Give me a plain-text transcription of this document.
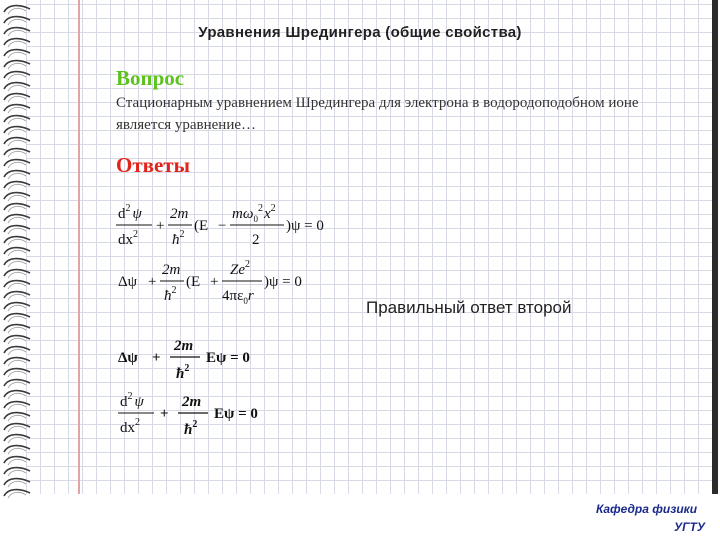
Уравнения Шредингера (общие свойства)
Вопрос
Стационарным уравнением Шредингера для электрона в водородоподобном ионе является уравнение…
Ответы
$d^2$ ψ
$dx^2$
+
2m
$ħ^2$
(E −
$m\omega_0^2x^2$
2
)ψ = 0
Δψ +
2m
$ħ^2$
(E +
$Ze^2$
$4\pi\varepsilon_0r$
)ψ = 0
Правильный ответ второй
Δψ +
2m
$ħ^2$
Eψ = 0
$d^2$ ψ
$dx^2$
+
2m
$ħ^2$
Eψ = 0
Кафедра физики
УГТУ
